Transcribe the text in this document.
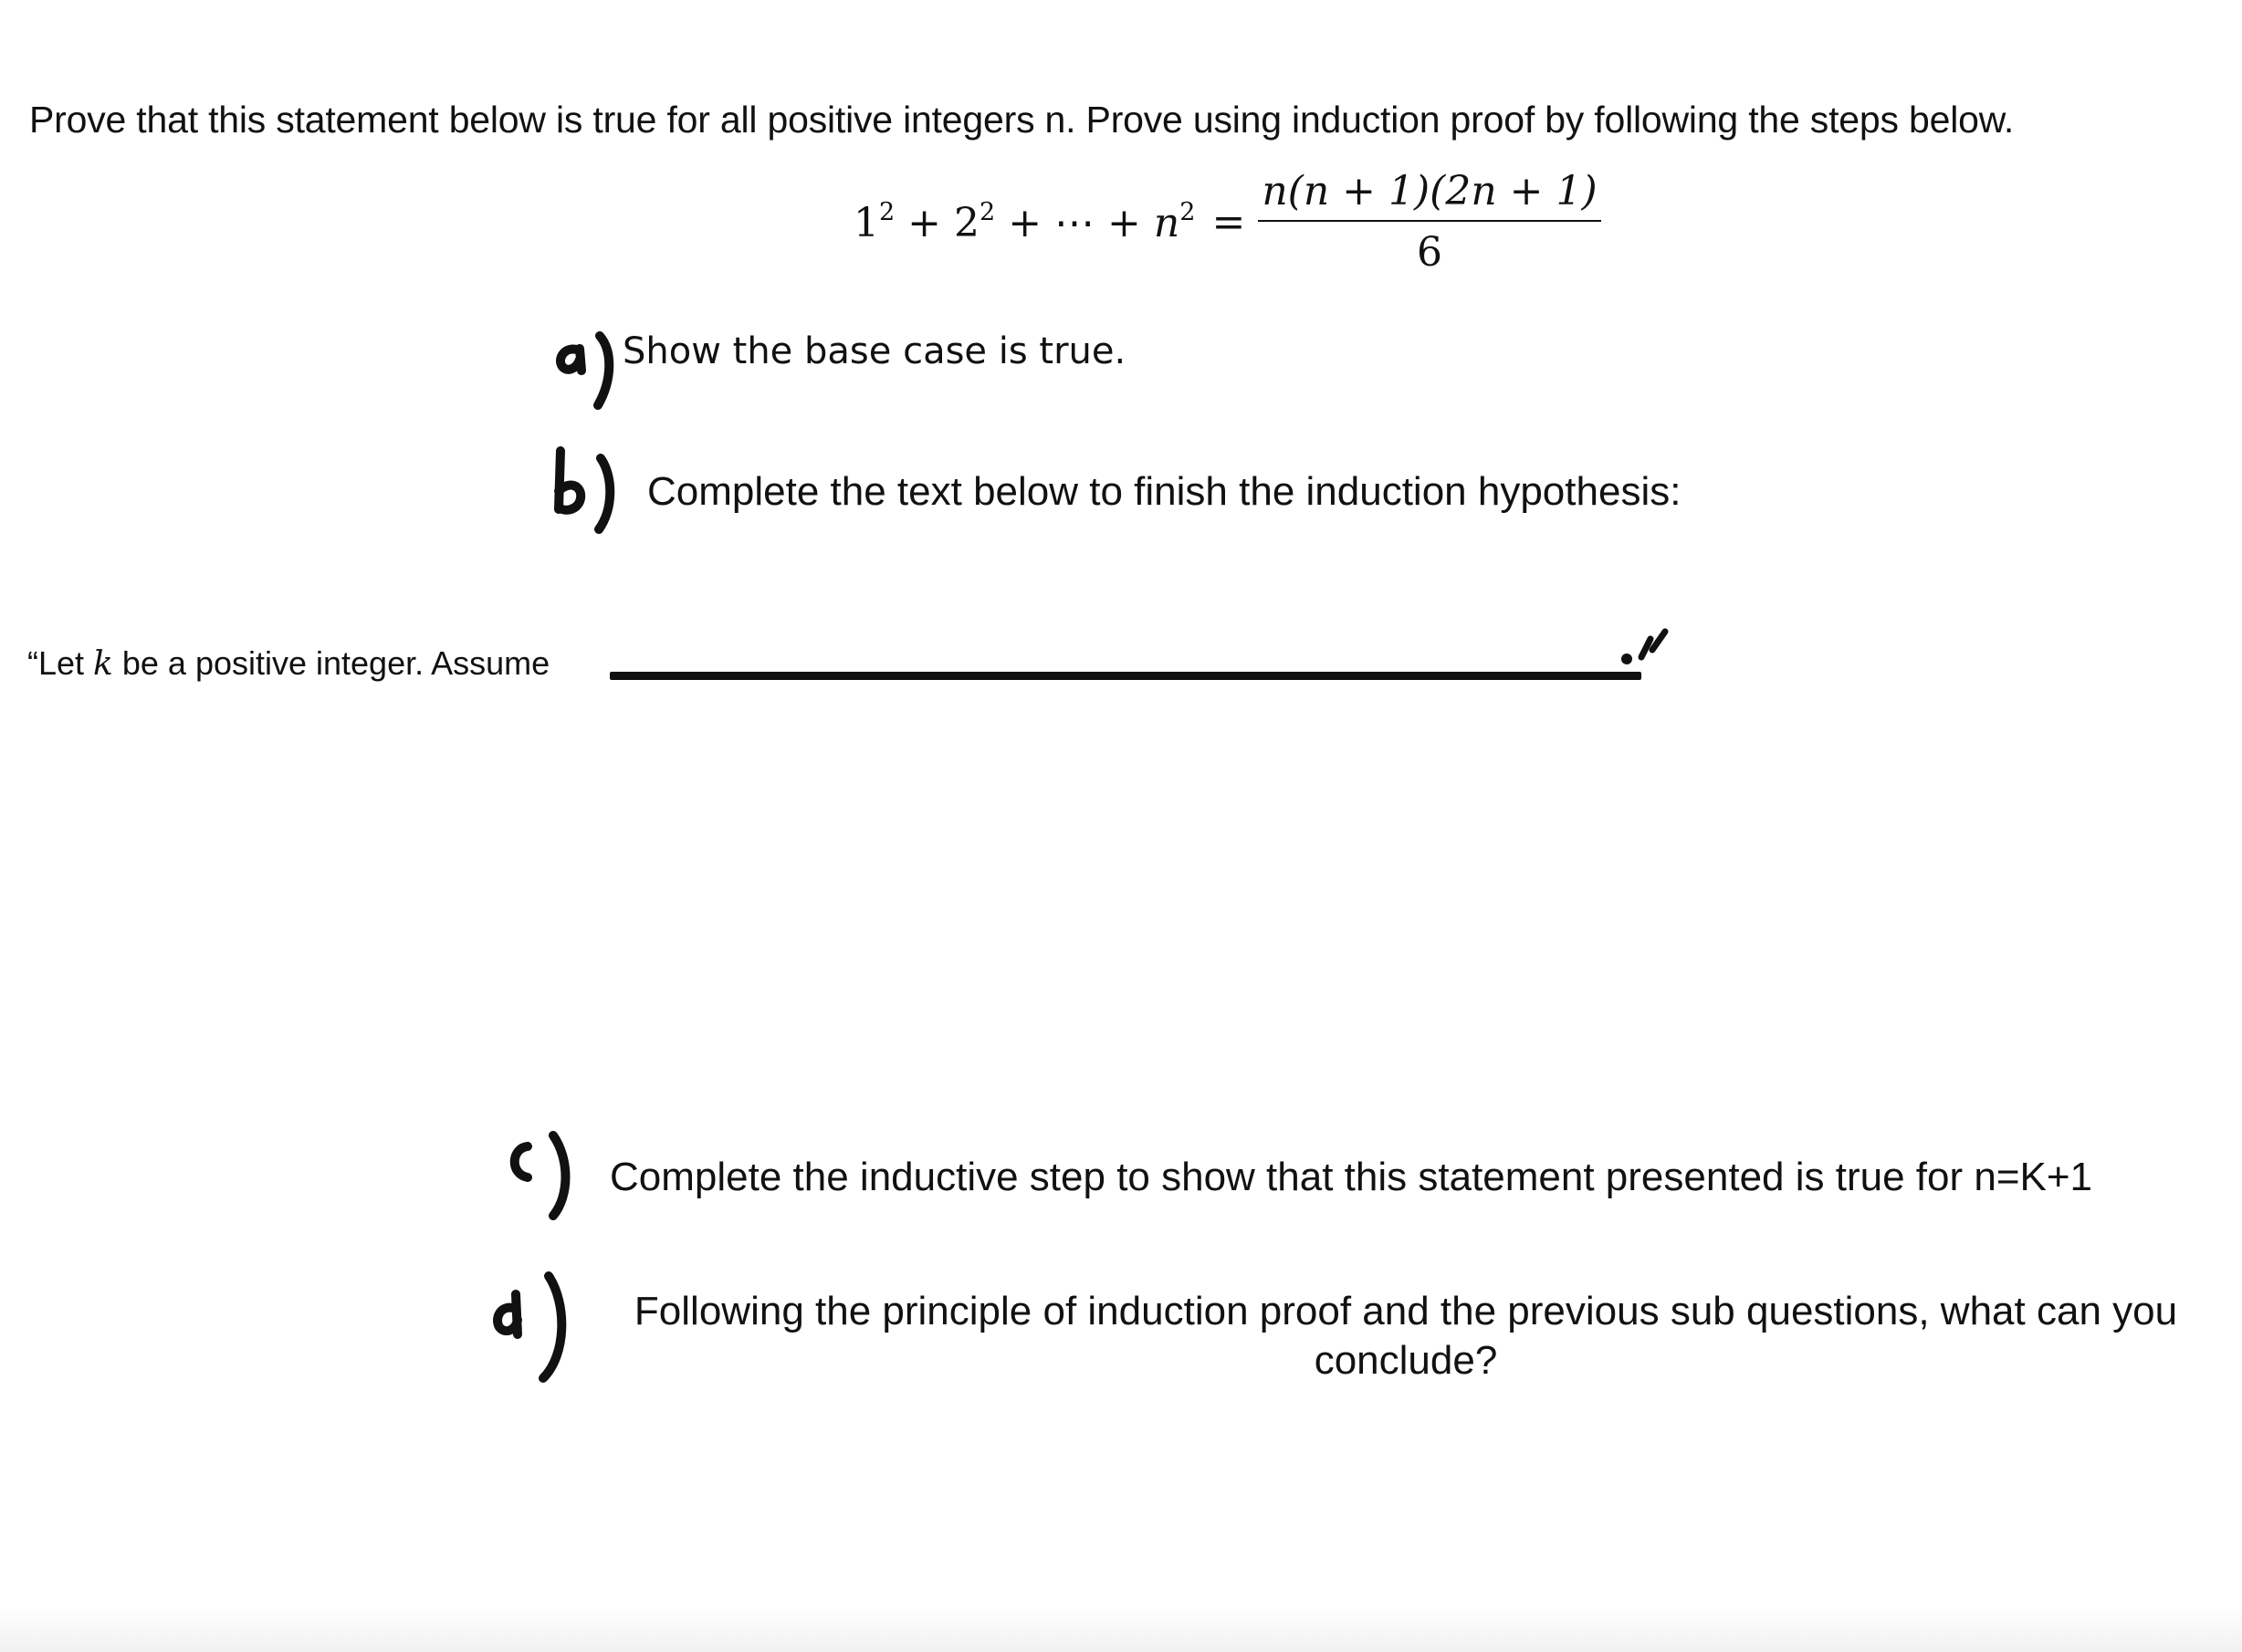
Prove that this statement below is true for all positive integers n. Prove using induction proof by following the steps below.
$1^2 + 2^2$ + ⋯ + $n^2 = \frac{n(n + 1)(2n + 1)}{6}$
Show the base case is true.
Complete the text below to finish the induction hypothesis:
“Let k be a positive integer. Assume
Complete the inductive step to show that this statement presented is true for n=K+1
Following the principle of induction proof and the previous sub questions, what can you conclude?
